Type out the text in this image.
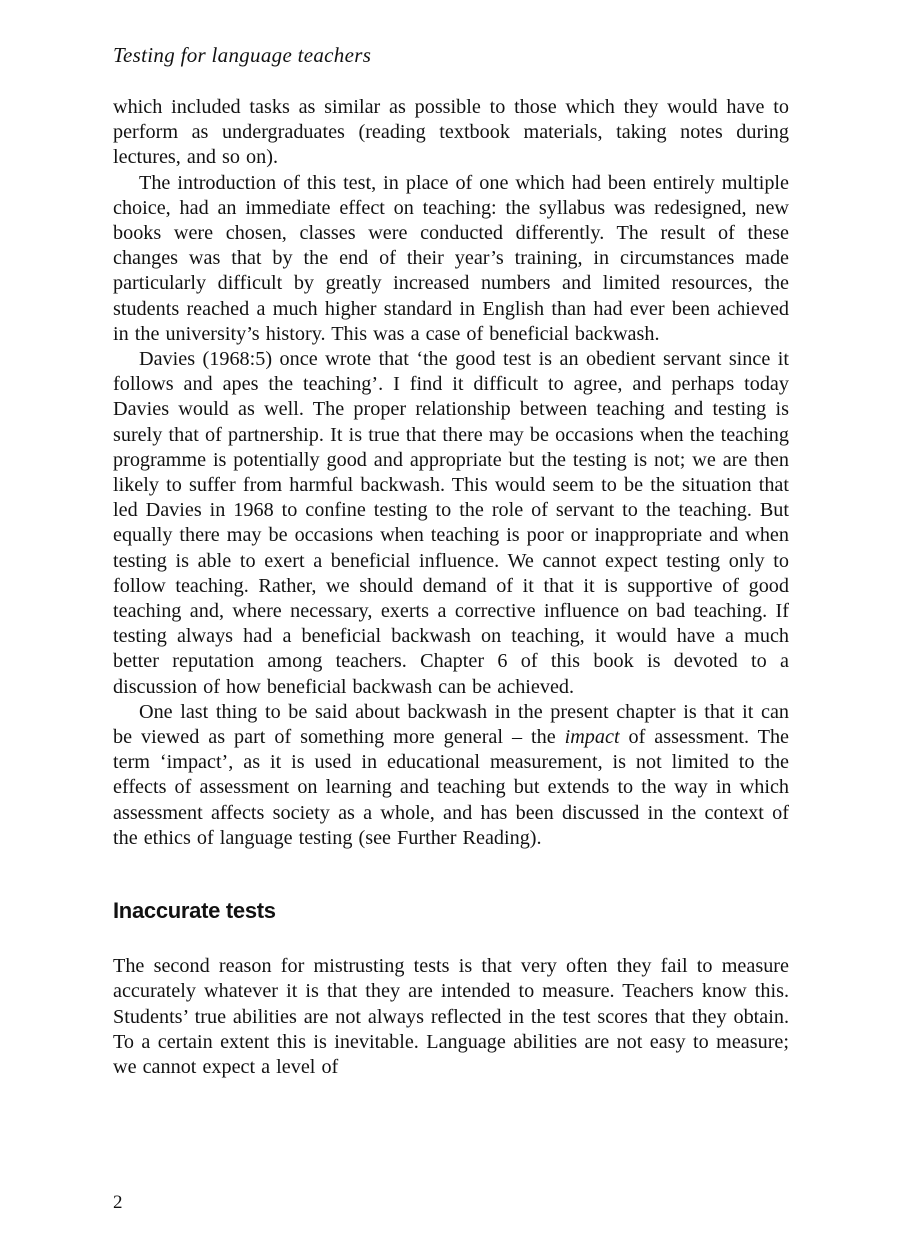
Testing for language teachers

which included tasks as similar as possible to those which they would have to perform as undergraduates (reading textbook materials, taking notes during lectures, and so on).

The introduction of this test, in place of one which had been entirely multiple choice, had an immediate effect on teaching: the syllabus was redesigned, new books were chosen, classes were conducted differently. The result of these changes was that by the end of their year’s training, in circumstances made particularly difficult by greatly increased numbers and limited resources, the students reached a much higher standard in English than had ever been achieved in the university’s history. This was a case of beneficial backwash.

Davies (1968:5) once wrote that ‘the good test is an obedient servant since it follows and apes the teaching’. I find it difficult to agree, and perhaps today Davies would as well. The proper relationship between teaching and testing is surely that of partnership. It is true that there may be occasions when the teaching programme is potentially good and appropriate but the testing is not; we are then likely to suffer from harmful backwash. This would seem to be the situation that led Davies in 1968 to confine testing to the role of servant to the teaching. But equally there may be occasions when teaching is poor or inappropriate and when testing is able to exert a beneficial influence. We cannot expect testing only to follow teaching. Rather, we should demand of it that it is supportive of good teaching and, where necessary, exerts a corrective influence on bad teaching. If testing always had a beneficial backwash on teaching, it would have a much better reputation among teachers. Chapter 6 of this book is devoted to a discussion of how beneficial backwash can be achieved.

One last thing to be said about backwash in the present chapter is that it can be viewed as part of something more general – the impact of assessment. The term ‘impact’, as it is used in educational measurement, is not limited to the effects of assessment on learning and teaching but extends to the way in which assessment affects society as a whole, and has been discussed in the context of the ethics of language testing (see Further Reading).

Inaccurate tests

The second reason for mistrusting tests is that very often they fail to measure accurately whatever it is that they are intended to measure. Teachers know this. Students’ true abilities are not always reflected in the test scores that they obtain. To a certain extent this is inevitable. Language abilities are not easy to measure; we cannot expect a level of

2
